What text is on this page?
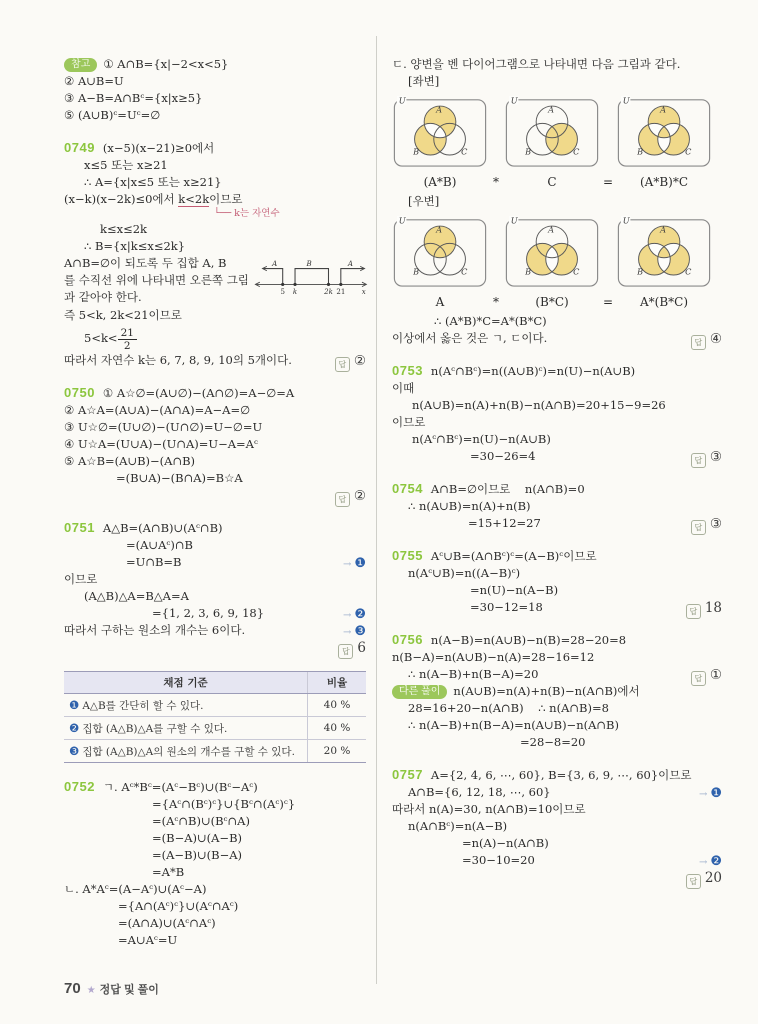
참고 ① A∩B={x|−2<x<5}
② A∪B=U
③ A−B=A∩Bᶜ={x|x≥5}
⑤ (A∪B)ᶜ=Uᶜ=∅
0749 (x−5)(x−21)≥0에서
x≤5 또는 x≥21
∴ A={x|x≤5 또는 x≥21}
(x−k)(x−2k)≤0에서 k<2k이므로
└── k는 자연수
k≤x≤2k
∴ B={x|k≤x≤2k}
A∩B=∅이 되도록 두 집합 A, B
를 수직선 위에 나타내면 오른쪽 그림
과 같아야 한다.
A	B	A
5 k	2k 21 x
즉 5<k, 2k<21이므로
$5<k< \frac{21}{2}$
따라서 자연수 k는 6, 7, 8, 9, 10의 5개이다.	답 ②
0750 ① A☆∅=(A∪∅)−(A∩∅)=A−∅=A
② A☆A=(A∪A)−(A∩A)=A−A=∅
③ U☆∅=(U∪∅)−(U∩∅)=U−∅=U
④ U☆A=(U∪A)−(U∩A)=U−A=Aᶜ
⑤ A☆B=(A∪B)−(A∩B)
=(B∪A)−(B∩A)=B☆A
답 ②
0751 A△B=(A∩B)∪(Aᶜ∩B)
=(A∪Aᶜ)∩B
=U∩B=B	→ ❶
이므로
(A△B)△A=B△A=A
={1, 2, 3, 6, 9, 18}	→ ❷
따라서 구하는 원소의 개수는 6이다.	→ ❸
답 6
채점 기준	비율
❶ A△B를 간단히 할 수 있다.	40 %
❷ 집합 (A△B)△A를 구할 수 있다.	40 %
❸ 집합 (A△B)△A의 원소의 개수를 구할 수 있다.	20 %
0752 ㄱ. Aᶜ*Bᶜ=(Aᶜ−Bᶜ)∪(Bᶜ−Aᶜ)
={Aᶜ∩(Bᶜ)ᶜ}∪{Bᶜ∩(Aᶜ)ᶜ}
=(Aᶜ∩B)∪(Bᶜ∩A)
=(B−A)∪(A−B)
=(A−B)∪(B−A)
=A*B
ㄴ. A*Aᶜ=(A−Aᶜ)∪(Aᶜ−A)
={A∩(Aᶜ)ᶜ}∪(Aᶜ∩Aᶜ)
=(A∩A)∪(Aᶜ∩Aᶜ)
=A∪Aᶜ=U
ㄷ. 양변을 벤 다이어그램으로 나타내면 다음 그림과 같다.
[좌변]
U
A
B	C
U
A
B	C
U
A
B	C
(A*B)	*	C	=	(A*B)*C
[우변]
U
A
B	C
U
A
B	C
U
A
B	C
A	*	(B*C)	=	A*(B*C)
∴ (A*B)*C=A*(B*C)
이상에서 옳은 것은 ㄱ, ㄷ이다.	답 ④
0753 n(Aᶜ∩Bᶜ)=n((A∪B)ᶜ)=n(U)−n(A∪B)
이때
n(A∪B)=n(A)+n(B)−n(A∩B)=20+15−9=26
이므로
n(Aᶜ∩Bᶜ)=n(U)−n(A∪B)
=30−26=4	답 ③
0754 A∩B=∅이므로    n(A∩B)=0
∴ n(A∪B)=n(A)+n(B)
=15+12=27	답 ③
0755 Aᶜ∪B=(A∩Bᶜ)ᶜ=(A−B)ᶜ이므로
n(Aᶜ∪B)=n((A−B)ᶜ)
=n(U)−n(A−B)
=30−12=18	답 18
0756 n(A−B)=n(A∪B)−n(B)=28−20=8
n(B−A)=n(A∪B)−n(A)=28−16=12
∴ n(A−B)+n(B−A)=20	답 ①
다른 풀이 n(A∪B)=n(A)+n(B)−n(A∩B)에서
28=16+20−n(A∩B)    ∴ n(A∩B)=8
∴ n(A−B)+n(B−A)=n(A∪B)−n(A∩B)
=28−8=20
0757 A={2, 4, 6, ⋯, 60}, B={3, 6, 9, ⋯, 60}이므로
A∩B={6, 12, 18, ⋯, 60}	→ ❶
따라서 n(A)=30, n(A∩B)=10이므로
n(A∩Bᶜ)=n(A−B)
=n(A)−n(A∩B)
=30−10=20	→ ❷
답 20
70 ★ 정답 및 풀이
